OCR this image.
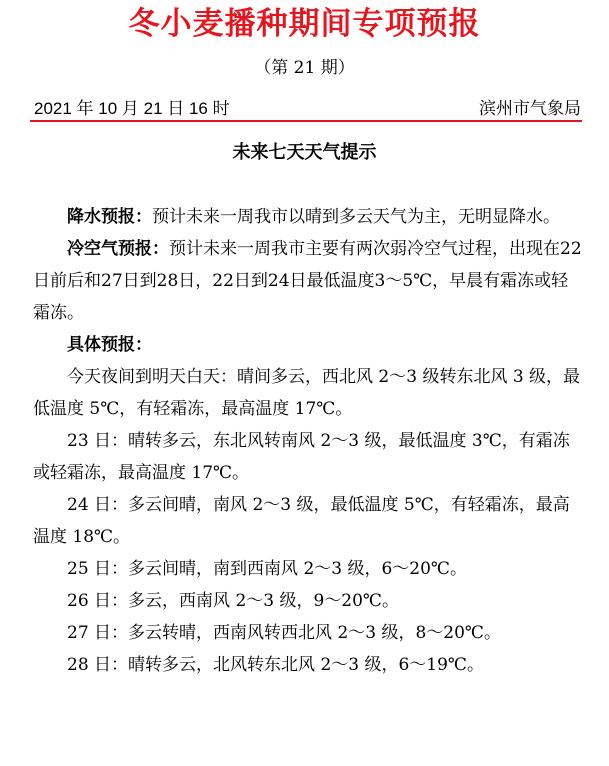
冬小麦播种期间专项预报
（第 21 期）
2021 年 10 月 21 日 16 时	滨州市气象局
未来七天天气提示

降水预报：预计未来一周我市以晴到多云天气为主，无明显降水。

冷空气预报：预计未来一周我市主要有两次弱冷空气过程，出现在22日前后和27日到28日，22日到24日最低温度3～5℃，早晨有霜冻或轻霜冻。

具体预报：

今天夜间到明天白天：晴间多云，西北风 2～3 级转东北风 3 级，最低温度 5℃，有轻霜冻，最高温度 17℃。

23 日：晴转多云，东北风转南风 2～3 级，最低温度 3℃，有霜冻或轻霜冻，最高温度 17℃。

24 日：多云间晴，南风 2～3 级，最低温度 5℃，有轻霜冻，最高温度 18℃。

25 日：多云间晴，南到西南风 2～3 级，6～20℃。

26 日：多云，西南风 2～3 级，9～20℃。

27 日：多云转晴，西南风转西北风 2～3 级，8～20℃。

28 日：晴转多云，北风转东北风 2～3 级，6～19℃。
